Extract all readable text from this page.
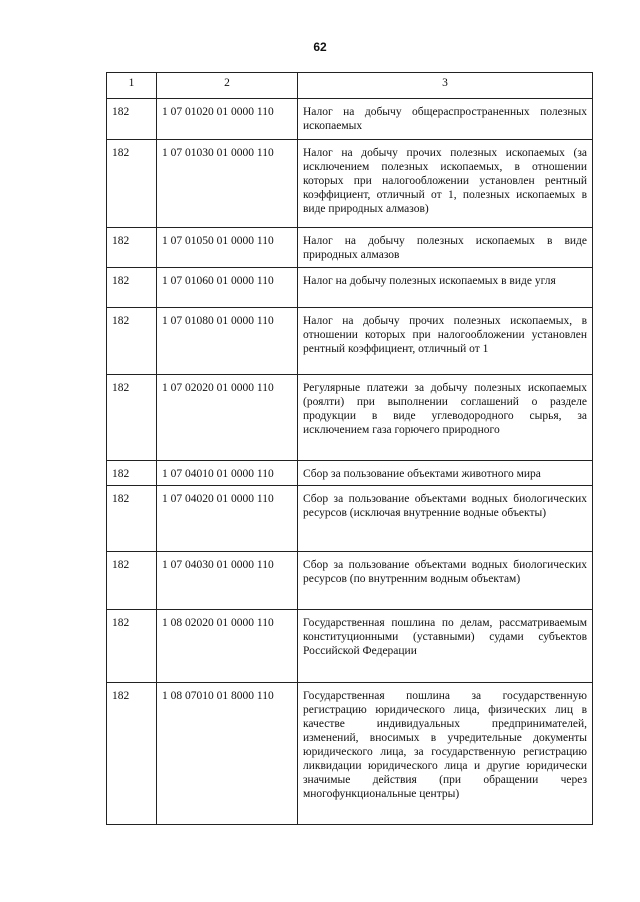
62
1	2	3
182	1 07 01020 01 0000 110	Налог на добычу общераспространенных полезных ископаемых
182	1 07 01030 01 0000 110	Налог на добычу прочих полезных ископаемых (за исключением полезных ископаемых, в отношении которых при налогообложении установлен рентный коэффициент, отличный от 1, полезных ископаемых в виде природных алмазов)
182	1 07 01050 01 0000 110	Налог на добычу полезных ископаемых в виде природных алмазов
182	1 07 01060 01 0000 110	Налог на добычу полезных ископаемых в виде угля
182	1 07 01080 01 0000 110	Налог на добычу прочих полезных ископаемых, в отношении которых при налогообложении установлен рентный коэффициент, отличный от 1
182	1 07 02020 01 0000 110	Регулярные платежи за добычу полезных ископаемых (роялти) при выполнении соглашений о разделе продукции в виде углеводородного сырья, за исключением газа горючего природного
182	1 07 04010 01 0000 110	Сбор за пользование объектами животного мира
182	1 07 04020 01 0000 110	Сбор за пользование объектами водных биологических ресурсов (исключая внутренние водные объекты)
182	1 07 04030 01 0000 110	Сбор за пользование объектами водных биологических ресурсов (по внутренним водным объектам)
182	1 08 02020 01 0000 110	Государственная пошлина по делам, рассматриваемым конституционными (уставными) судами субъектов Российской Федерации
182	1 08 07010 01 8000 110	Государственная пошлина за государственную регистрацию юридического лица, физических лиц в качестве индивидуальных предпринимателей, изменений, вносимых в учредительные документы юридического лица, за государственную регистрацию ликвидации юридического лица и другие юридически значимые действия (при обращении через многофункциональные центры)
